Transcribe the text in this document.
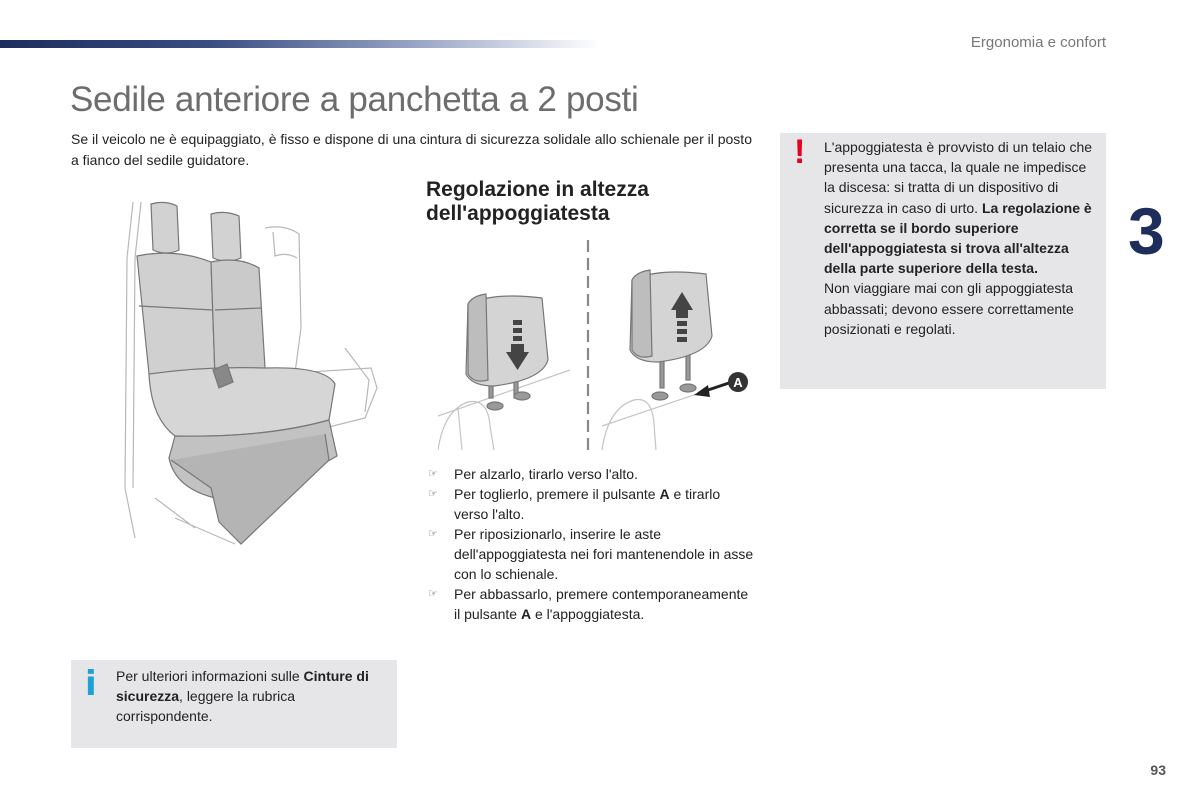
Ergonomia e confort
3
Sedile anteriore a panchetta a 2 posti

Se il veicolo ne è equipaggiato, è fisso e dispone di una cintura di sicurezza solidale allo schienale per il posto a fianco del sedile guidatore.

Regolazione in altezza
dell'appoggiatesta
A
☞ Per alzarlo, tirarlo verso l'alto.
☞ Per toglierlo, premere il pulsante A e tirarlo verso l'alto.
☞ Per riposizionarlo, inserire le aste dell'appoggiatesta nei fori mantenendole in asse con lo schienale.
☞ Per abbassarlo, premere contemporaneamente il pulsante A e l'appoggiatesta.
! L'appoggiatesta è provvisto di un telaio che presenta una tacca, la quale ne impedisce la discesa: si tratta di un dispositivo di sicurezza in caso di urto. La regolazione è corretta se il bordo superiore dell'appoggiatesta si trova all'altezza della parte superiore della testa.
Non viaggiare mai con gli appoggiatesta abbassati; devono essere correttamente posizionati e regolati.
i Per ulteriori informazioni sulle Cinture di sicurezza, leggere la rubrica corrispondente.
93
